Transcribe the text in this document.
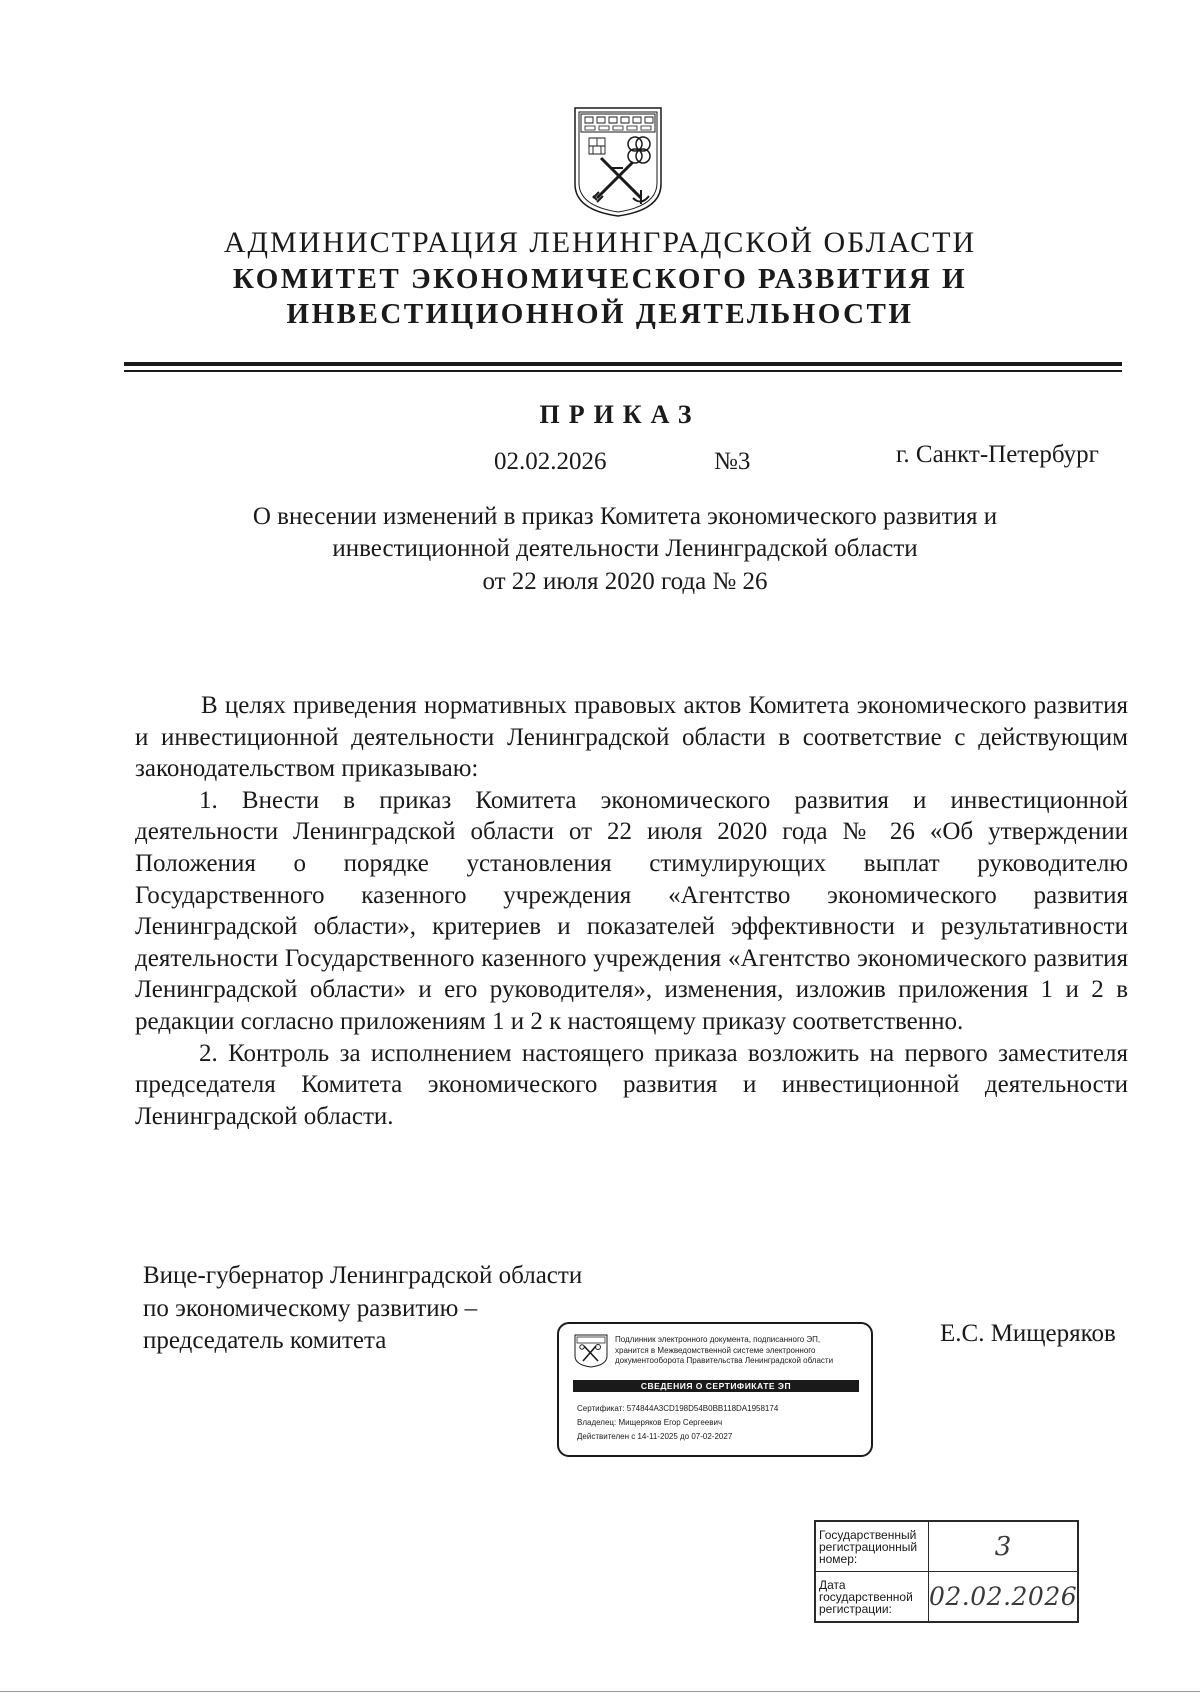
АДМИНИСТРАЦИЯ ЛЕНИНГРАДСКОЙ ОБЛАСТИ
КОМИТЕТ ЭКОНОМИЧЕСКОГО РАЗВИТИЯ И
ИНВЕСТИЦИОННОЙ ДЕЯТЕЛЬНОСТИ
ПРИКАЗ
02.02.2026	№3	г. Санкт-Петербург
О внесении изменений в приказ Комитета экономического развития и
инвестиционной деятельности Ленинградской области
от 22 июля 2020 года № 26

В целях приведения нормативных правовых актов Комитета экономического развития и инвестиционной деятельности Ленинградской области в соответствие с действующим законодательством приказываю:

1. Внести в приказ Комитета экономического развития и инвестиционной деятельности Ленинградской области от 22 июля 2020 года № 26 «Об утверждении Положения о порядке установления стимулирующих выплат руководителю Государственного казенного учреждения «Агентство экономического развития Ленинградской области», критериев и показателей эффективности и результативности деятельности Государственного казенного учреждения «Агентство экономического развития Ленинградской области» и его руководителя», изменения, изложив приложения 1 и 2 в редакции согласно приложениям 1 и 2 к настоящему приказу соответственно.

2. Контроль за исполнением настоящего приказа возложить на первого заместителя председателя Комитета экономического развития и инвестиционной деятельности Ленинградской области.

Вице-губернатор Ленинградской области
по экономическому развитию –
председатель комитета	Е.С. Мищеряков
Подлинник электронного документа, подписанного ЭП,
хранится в Межведомственной системе электронного
документооборота Правительства Ленинградской области
СВЕДЕНИЯ О СЕРТИФИКАТЕ ЭП
Сертификат: 574844A3CD198D54B0BB118DA1958174
Владелец: Мищеряков Егор Сергеевич
Действителен с 14-11-2025 до 07-02-2027
Государственный
регистрационный
номер:	3

Дата
государственной
регистрации:	02.02.2026
